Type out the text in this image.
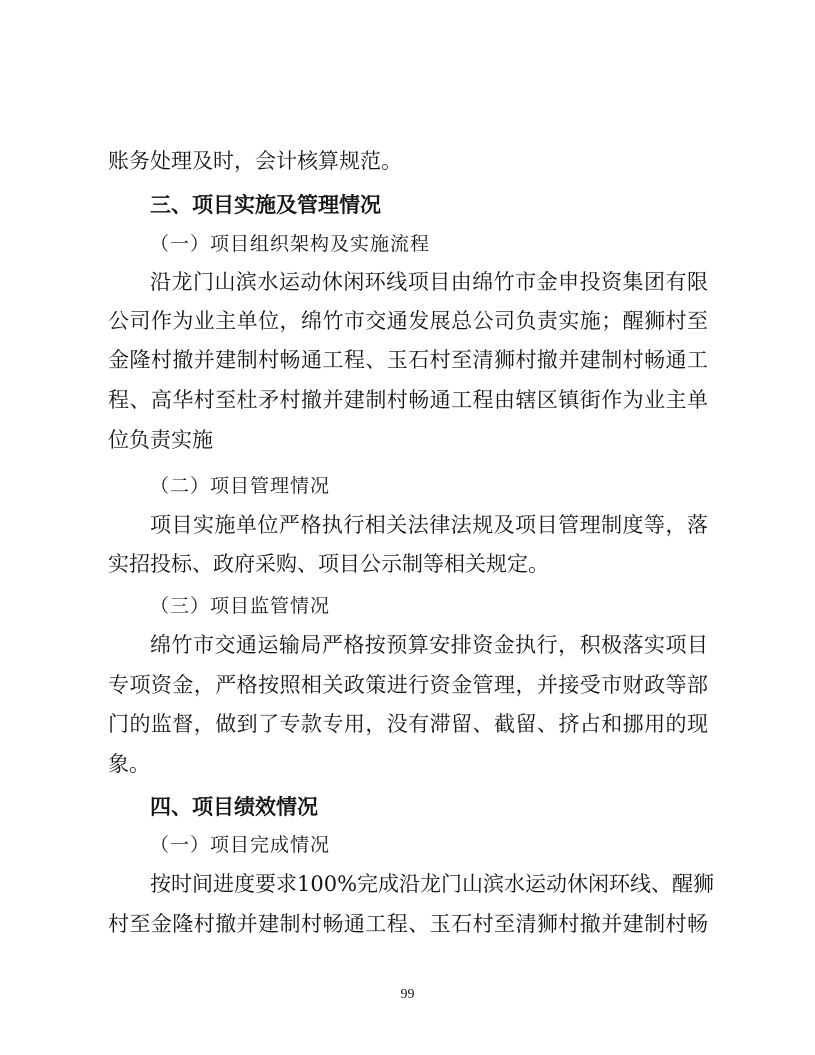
账务处理及时，会计核算规范。

三、项目实施及管理情况

（一）项目组织架构及实施流程

沿龙门山滨水运动休闲环线项目由绵竹市金申投资集团有限

公司作为业主单位，绵竹市交通发展总公司负责实施；醒狮村至

金隆村撤并建制村畅通工程、玉石村至清狮村撤并建制村畅通工

程、高华村至杜矛村撤并建制村畅通工程由辖区镇街作为业主单

位负责实施

（二）项目管理情况

项目实施单位严格执行相关法律法规及项目管理制度等，落

实招投标、政府采购、项目公示制等相关规定。

（三）项目监管情况

绵竹市交通运输局严格按预算安排资金执行，积极落实项目

专项资金，严格按照相关政策进行资金管理，并接受市财政等部

门的监督，做到了专款专用，没有滞留、截留、挤占和挪用的现

象。

四、项目绩效情况

（一）项目完成情况

按时间进度要求100%完成沿龙门山滨水运动休闲环线、醒狮

村至金隆村撤并建制村畅通工程、玉石村至清狮村撤并建制村畅

99
